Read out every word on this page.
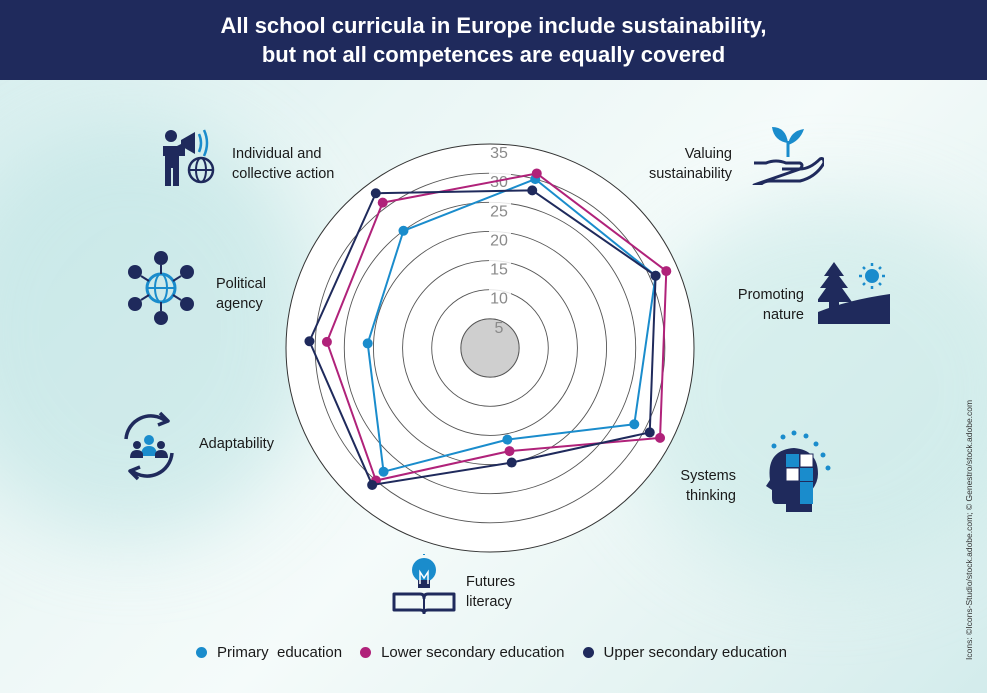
All school curricula in Europe include sustainability,
but not all competences are equally covered
5
10
15
20
25
30
35
Individual and
collective action
Valuing
sustainability
Political
agency
Promoting
nature
Adaptability
Systems
thinking
Futures
literacy
Primary  education	Lower secondary education	Upper secondary education	Icons: ©Icons-Studio/stock.adobe.com; © Genestro/stock.adobe.com
